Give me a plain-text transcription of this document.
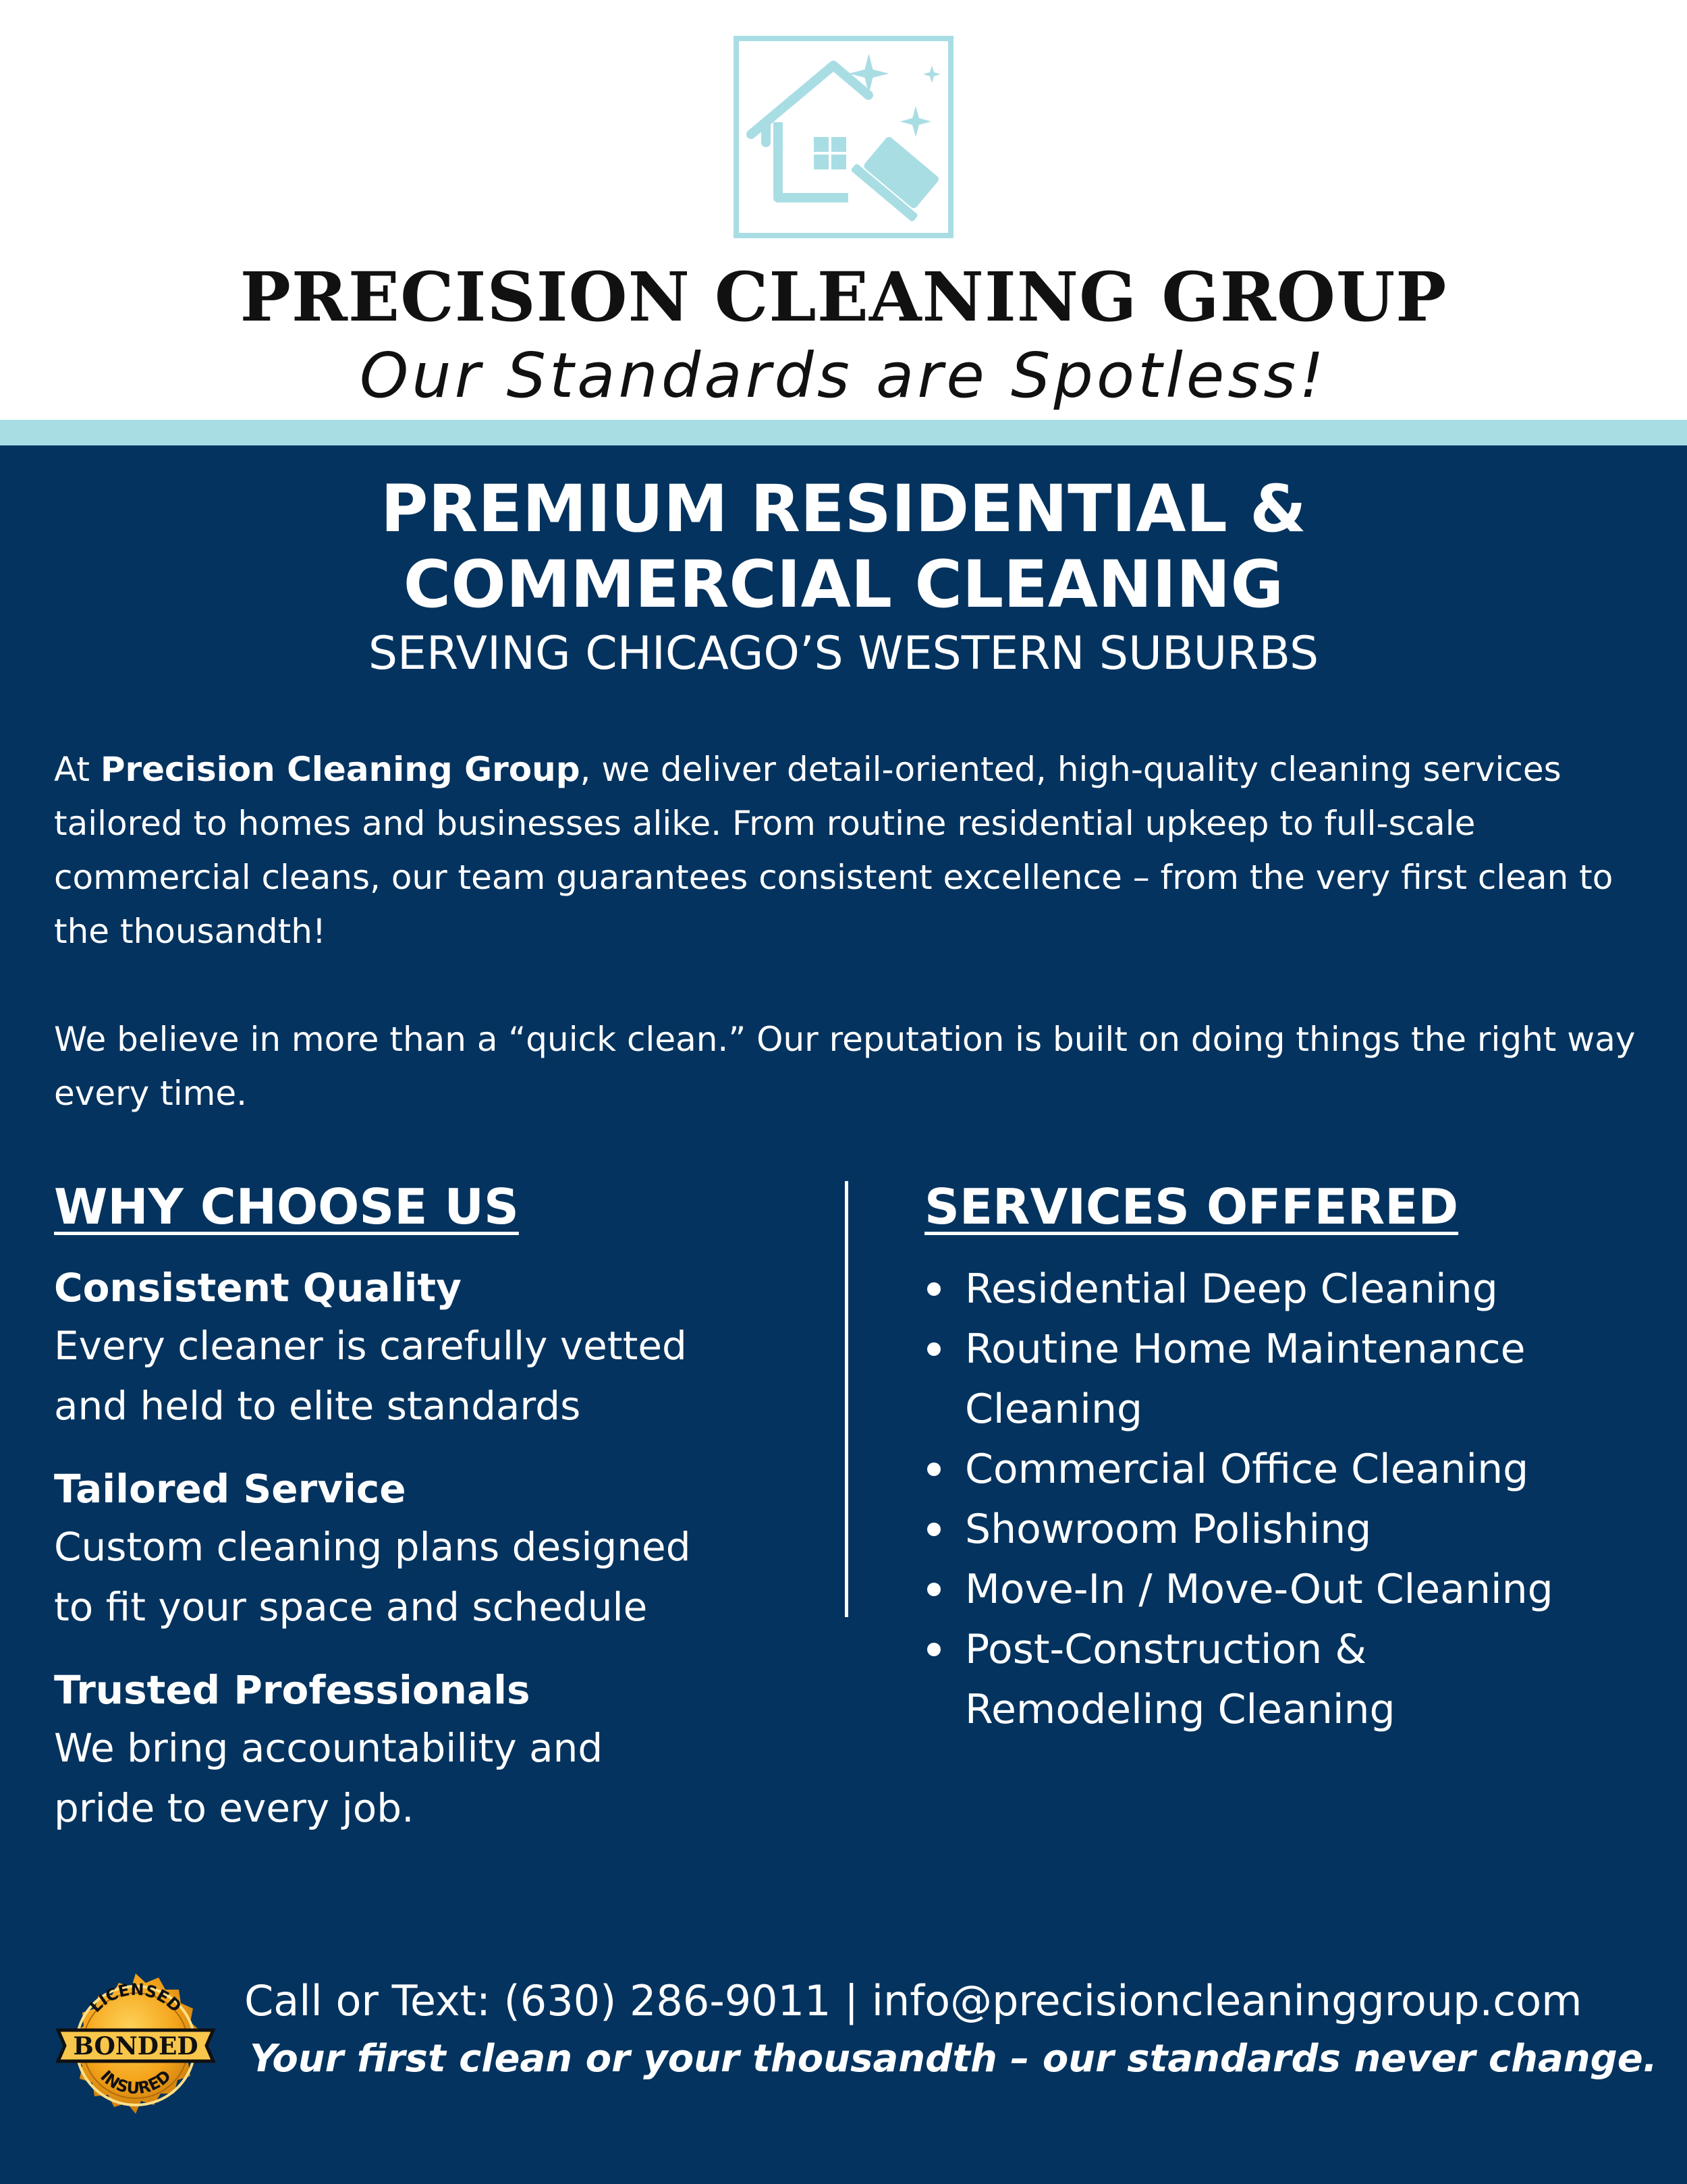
PRECISION CLEANING GROUP
Our Standards are Spotless!
PREMIUM RESIDENTIAL &
COMMERCIAL CLEANING
SERVING CHICAGO’S WESTERN SUBURBS

At Precision Cleaning Group, we deliver detail-oriented, high-quality cleaning services tailored to homes and businesses alike. From routine residential upkeep to full-scale commercial cleans, our team guarantees consistent excellence – from the very first clean to the thousandth!

We believe in more than a “quick clean.” Our reputation is built on doing things the right way every time.

WHY CHOOSE US
Consistent Quality
Every cleaner is carefully vetted
and held to elite standards
Tailored Service
Custom cleaning plans designed
to fit your space and schedule
Trusted Professionals
We bring accountability and
pride to every job.
SERVICES OFFERED
Residential Deep Cleaning
Routine Home Maintenance
Cleaning
Commercial Office Cleaning
Showroom Polishing
Move-In / Move-Out Cleaning
Post-Construction &
Remodeling Cleaning
LICENSED
INSURED
BONDED
Call or Text: (630) 286-9011 | info@precisioncleaninggroup.com
Your first clean or your thousandth – our standards never change.
